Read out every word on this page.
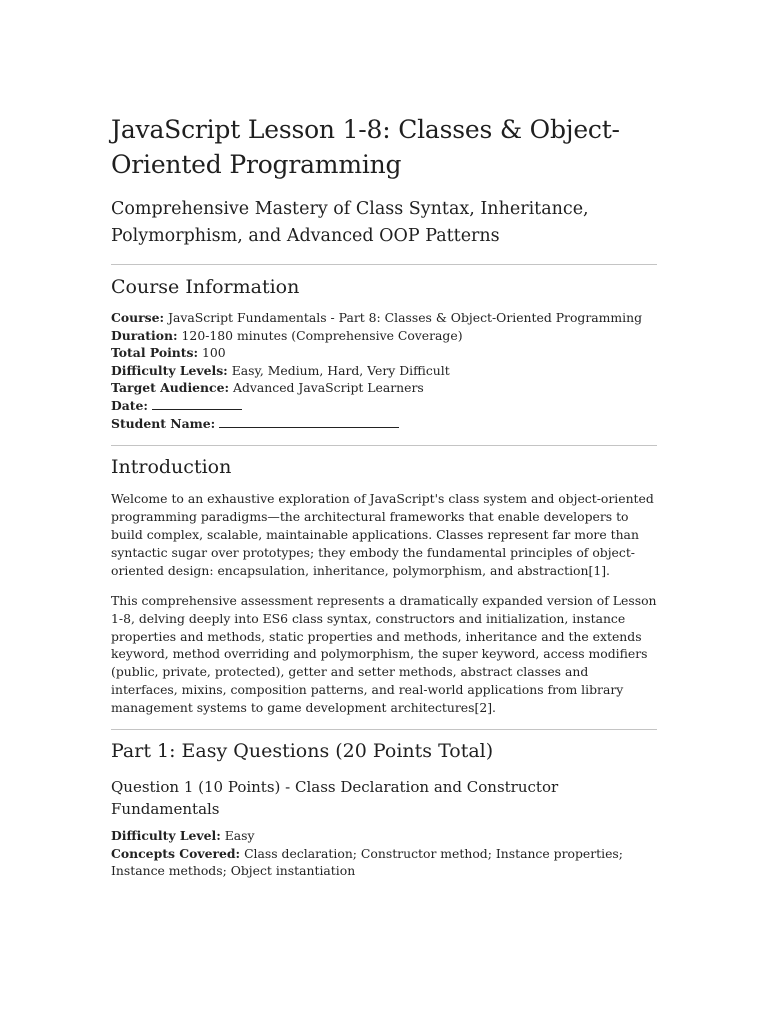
JavaScript Lesson 1-8: Classes & Object-Oriented Programming
Comprehensive Mastery of Class Syntax, Inheritance, Polymorphism, and Advanced OOP Patterns
Course Information
Course: JavaScript Fundamentals - Part 8: Classes & Object-Oriented Programming
Duration: 120-180 minutes (Comprehensive Coverage)
Total Points: 100
Difficulty Levels: Easy, Medium, Hard, Very Difficult
Target Audience: Advanced JavaScript Learners
Date:
Student Name:
Introduction

Welcome to an exhaustive exploration of JavaScript's class system and object-oriented programming paradigms—the architectural frameworks that enable developers to build complex, scalable, maintainable applications. Classes represent far more than syntactic sugar over prototypes; they embody the fundamental principles of object-oriented design: encapsulation, inheritance, polymorphism, and abstraction[1].

This comprehensive assessment represents a dramatically expanded version of Lesson 1-8, delving deeply into ES6 class syntax, constructors and initialization, instance properties and methods, static properties and methods, inheritance and the extends keyword, method overriding and polymorphism, the super keyword, access modifiers (public, private, protected), getter and setter methods, abstract classes and interfaces, mixins, composition patterns, and real-world applications from library management systems to game development architectures[2].

Part 1: Easy Questions (20 Points Total)
Question 1 (10 Points) - Class Declaration and Constructor Fundamentals
Difficulty Level: Easy
Concepts Covered: Class declaration; Constructor method; Instance properties; Instance methods; Object instantiation
